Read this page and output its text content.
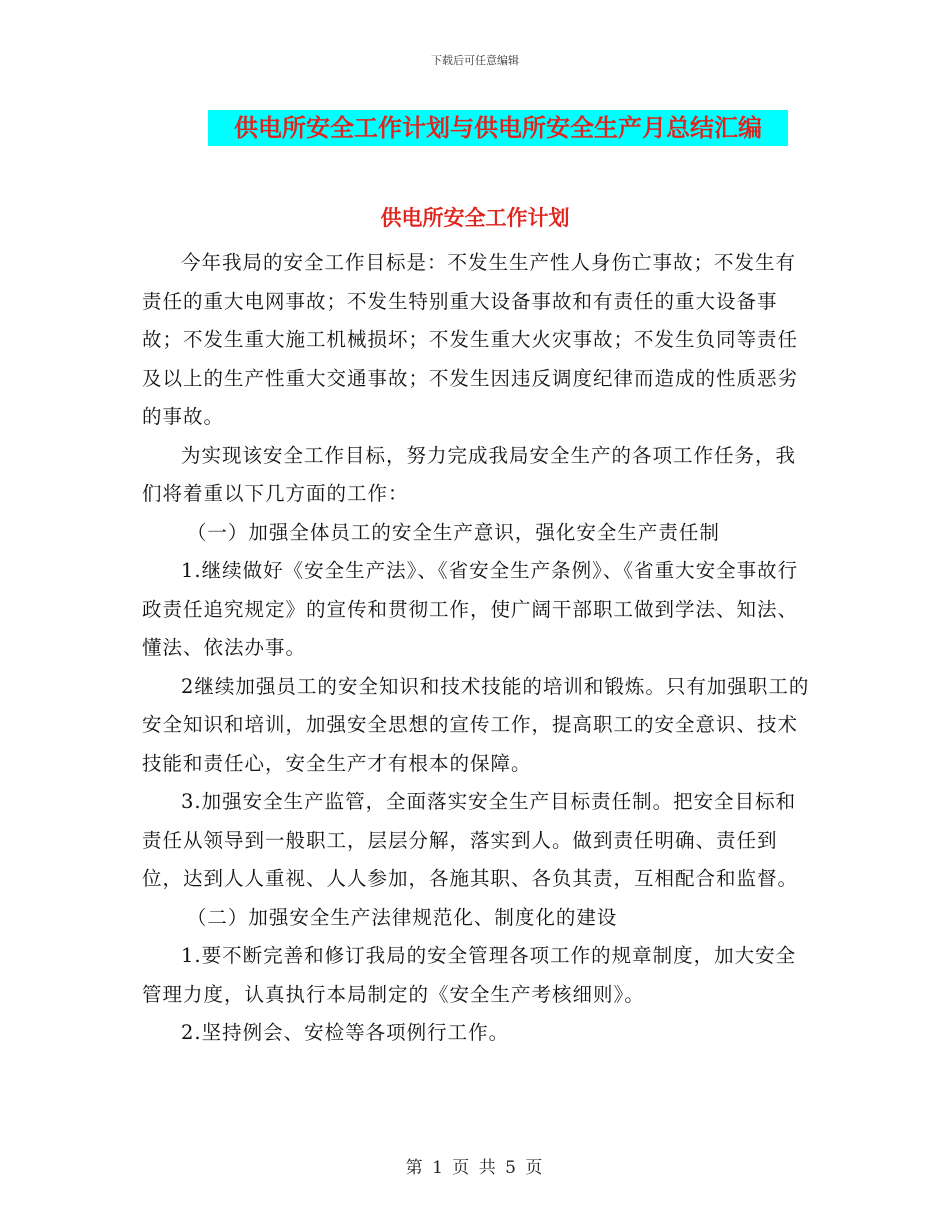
下载后可任意编辑
供电所安全工作计划与供电所安全生产月总结汇编
供电所安全工作计划

今年我局的安全工作目标是：不发生生产性人身伤亡事故；不发生有责任的重大电网事故；不发生特别重大设备事故和有责任的重大设备事故；不发生重大施工机械损坏；不发生重大火灾事故；不发生负同等责任及以上的生产性重大交通事故；不发生因违反调度纪律而造成的性质恶劣的事故。

为实现该安全工作目标，努力完成我局安全生产的各项工作任务，我们将着重以下几方面的工作：

（一）加强全体员工的安全生产意识，强化安全生产责任制

1.继续做好《安全生产法》、《省安全生产条例》、《省重大安全事故行政责任追究规定》的宣传和贯彻工作，使广阔干部职工做到学法、知法、懂法、依法办事。

2继续加强员工的安全知识和技术技能的培训和锻炼。只有加强职工的安全知识和培训，加强安全思想的宣传工作，提高职工的安全意识、技术技能和责任心，安全生产才有根本的保障。

3.加强安全生产监管，全面落实安全生产目标责任制。把安全目标和责任从领导到一般职工，层层分解，落实到人。做到责任明确、责任到位，达到人人重视、人人参加，各施其职、各负其责，互相配合和监督。

（二）加强安全生产法律规范化、制度化的建设

1.要不断完善和修订我局的安全管理各项工作的规章制度，加大安全管理力度，认真执行本局制定的《安全生产考核细则》。

2.坚持例会、安检等各项例行工作。

第 1 页 共 5 页
